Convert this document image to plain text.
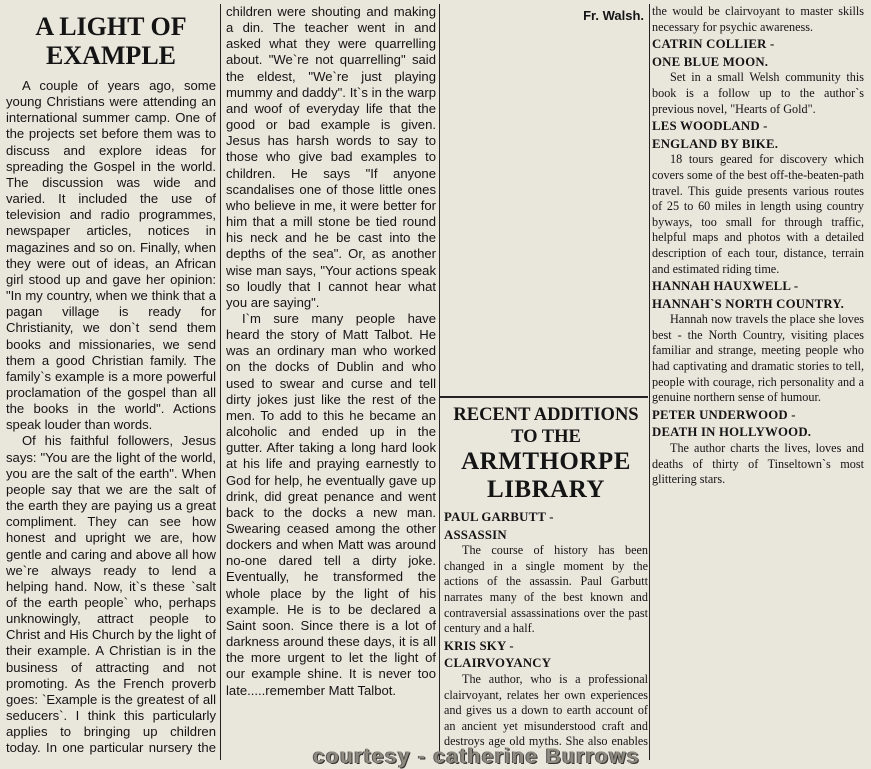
A LIGHT OF
EXAMPLE

A couple of years ago, some young Christians were attending an international summer camp. One of the projects set before them was to discuss and explore ideas for spreading the Gospel in the world. The discussion was wide and varied. It included the use of television and radio programmes, newspaper articles, notices in magazines and so on. Finally, when they were out of ideas, an African girl stood up and gave her opinion: "In my country, when we think that a pagan village is ready for Christianity, we don`t send them books and missionaries, we send them a good Christian family. The family`s example is a more powerful proclamation of the gospel than all the books in the world". Actions speak louder than words.

Of his faithful followers, Jesus says: "You are the light of the world, you are the salt of the earth". When people say that we are the salt of the earth they are paying us a great compliment. They can see how honest and upright we are, how gentle and caring and above all how we`re always ready to lend a helping hand. Now, it`s these `salt of the earth people` who, perhaps unknowingly, attract people to Christ and His Church by the light of their example. A Christian is in the business of attracting and not promoting. As the French proverb goes: `Example is the greatest of all seducers`. I think this particularly applies to bringing up children today. In one particular nursery the

children were shouting and making a din. The teacher went in and asked what they were quarrelling about. "We`re not quarrelling" said the eldest, "We`re just playing mummy and daddy". It`s in the warp and woof of everyday life that the good or bad example is given. Jesus has harsh words to say to those who give bad examples to children. He says "If anyone scandalises one of those little ones who believe in me, it were better for him that a mill stone be tied round his neck and he be cast into the depths of the sea". Or, as another wise man says, "Your actions speak so loudly that I cannot hear what you are saying".

I`m sure many people have heard the story of Matt Talbot. He was an ordinary man who worked on the docks of Dublin and who used to swear and curse and tell dirty jokes just like the rest of the men. To add to this he became an alcoholic and ended up in the gutter. After taking a long hard look at his life and praying earnestly to God for help, he eventually gave up drink, did great penance and went back to the docks a new man. Swearing ceased among the other dockers and when Matt was around no-one dared tell a dirty joke. Eventually, he transformed the whole place by the light of his example. He is to be declared a Saint soon. Since there is a lot of darkness around these days, it is all the more urgent to let the light of our example shine. It is never too late.....remember Matt Talbot.

Fr. Walsh.
RECENT ADDITIONS
TO THE
ARMTHORPE
LIBRARY
PAUL GARBUTT -
ASSASSIN

The course of history has been changed in a single moment by the actions of the assassin. Paul Garbutt narrates many of the best known and contraversial assassinations over the past century and a half.

KRIS SKY -
CLAIRVOYANCY

The author, who is a professional clairvoyant, relates her own experiences and gives us a down to earth account of an ancient yet misunderstood craft and destroys age old myths. She also enables

the would be clairvoyant to master skills necessary for psychic awareness.

CATRIN COLLIER -
ONE BLUE MOON.

Set in a small Welsh community this book is a follow up to the author`s previous novel, "Hearts of Gold".

LES WOODLAND -
ENGLAND BY BIKE.

18 tours geared for discovery which covers some of the best off-the-beaten-path travel. This guide presents various routes of 25 to 60 miles in length using country byways, too small for through traffic, helpful maps and photos with a detailed description of each tour, distance, terrain and estimated riding time.

HANNAH HAUXWELL -
HANNAH`S NORTH COUNTRY.

Hannah now travels the place she loves best - the North Country, visiting places familiar and strange, meeting people who had captivating and dramatic stories to tell, people with courage, rich personality and a genuine northern sense of humour.

PETER UNDERWOOD -
DEATH IN HOLLYWOOD.

The author charts the lives, loves and deaths of thirty of Tinseltown`s most glittering stars.

courtesy - catherine Burrows
